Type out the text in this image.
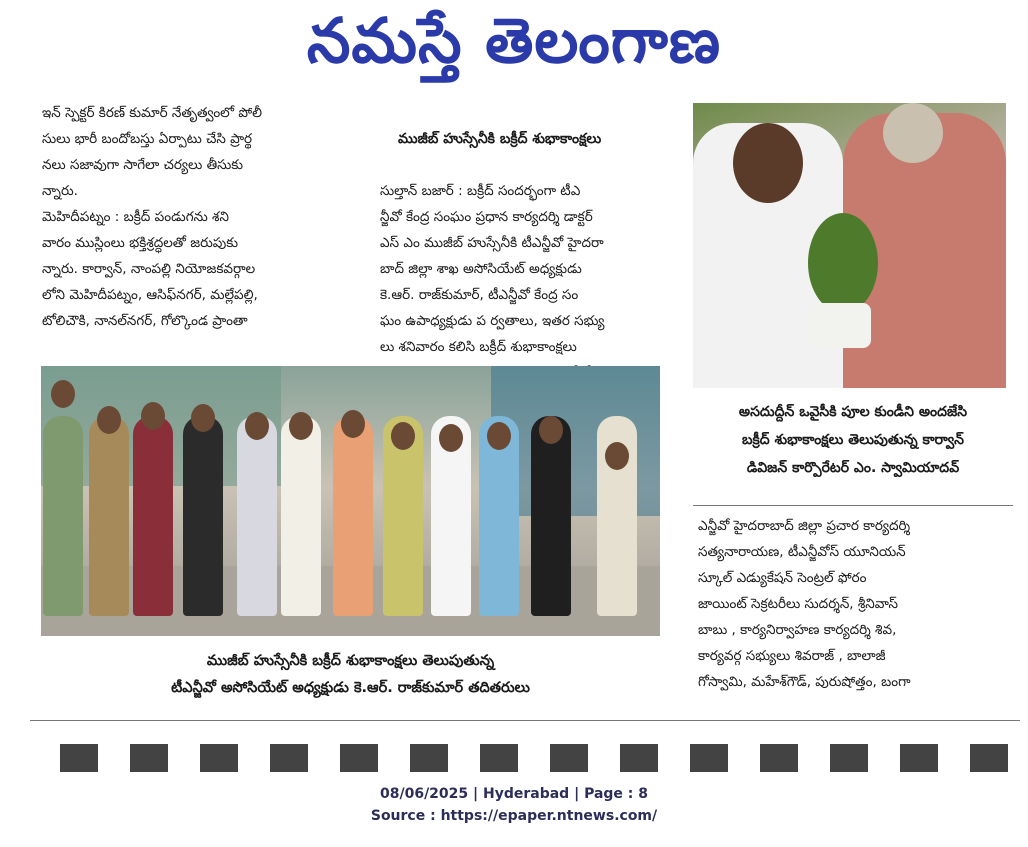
నమస్తే తెలంగాణ
ఇన్ స్పెక్టర్ కిరణ్ కుమార్ నేతృత్వంలో పోలీ
సులు భారీ బందోబస్తు ఏర్పాటు చేసి ప్రార్థ
నలు సజావుగా సాగేలా చర్యలు తీసుకు
న్నారు.
మెహిదీపట్నం : బక్రీద్ పండుగను శని
వారం ముస్లింలు భక్తిశ్రద్ధలతో జరుపుకు
న్నారు. కార్వాన్, నాంపల్లి నియోజకవర్గాల
లోని మెహిదీపట్నం, ఆసిఫ్‌నగర్, మల్లేపల్లి,
టోలిచౌకి, నానల్‌నగర్, గోల్కొండ ప్రాంతా

ముజీబ్ హుస్సేనీకి బక్రీద్ శుభాకాంక్షలు

సుల్తాన్ బజార్ : బక్రీద్ సందర్భంగా టీఎ
న్జీవో కేంద్ర సంఘం ప్రధాన కార్యదర్శి డాక్టర్
ఎస్ ఎం ముజీబ్ హుస్సేనీకి టీఎన్జీవో హైదరా
బాద్ జిల్లా శాఖ అసోసియేట్ అధ్యక్షుడు
కె.ఆర్. రాజ్‌కుమార్, టీఎన్జీవో కేంద్ర సం
ఘం ఉపాధ్యక్షుడు ప ర్వతాలు, ఇతర సభ్యు
లు శనివారం కలిసి బక్రీద్ శుభాకాంక్షలు

ముజీబ్ హుస్సేనీకి బక్రీద్ శుభాకాంక్షలు తెలుపుతున్న
టీఎన్జీవో అసోసియేట్ అధ్యక్షుడు కె.ఆర్. రాజ్‌కుమార్ తదితరులు
అసదుద్దీన్ ఒవైసీకి పూల కుండీని అందజేసి
బక్రీద్ శుభాకాంక్షలు తెలుపుతున్న కార్వాన్
డివిజన్ కార్పొరేటర్ ఎం. స్వామియాదవ్
ఎన్జీవో హైదరాబాద్ జిల్లా ప్రచార కార్యదర్శి
సత్యనారాయణ, టీఎన్జీవోస్ యూనియన్
స్కూల్ ఎడ్యుకేషన్ సెంట్రల్ ఫోరం
జాయింట్ సెక్రటరీలు సుదర్శన్, శ్రీనివాస్
బాబు , కార్యనిర్వాహణ కార్యదర్శి శివ,
కార్యవర్గ సభ్యులు శివరాజ్ , బాలాజీ
గోస్వామి, మహేశ్‌గౌడ్, పురుషోత్తం, బంగా
08/06/2025 | Hyderabad | Page : 8
Source : https://epaper.ntnews.com/
